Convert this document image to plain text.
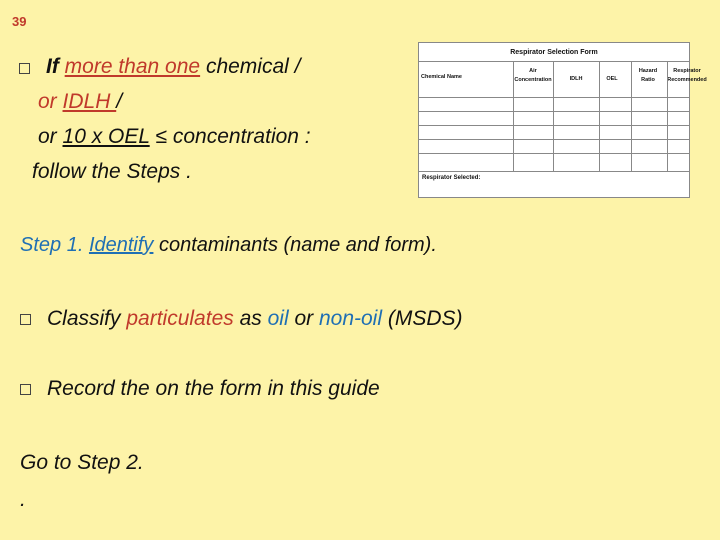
39
If more than one chemical /
or IDLH /
or 10 x OEL ≤ concentration :
follow the Steps .
Respirator Selection Form
Chemical Name
Air
Concentration	IDLH	OEL
Hazard
Ratio
Respirator
Recommended
Respirator Selected:
Step 1. Identify contaminants (name and form).
Classify particulates as oil or non-oil (MSDS)
Record the on the form in this guide
Go to Step 2.
.
